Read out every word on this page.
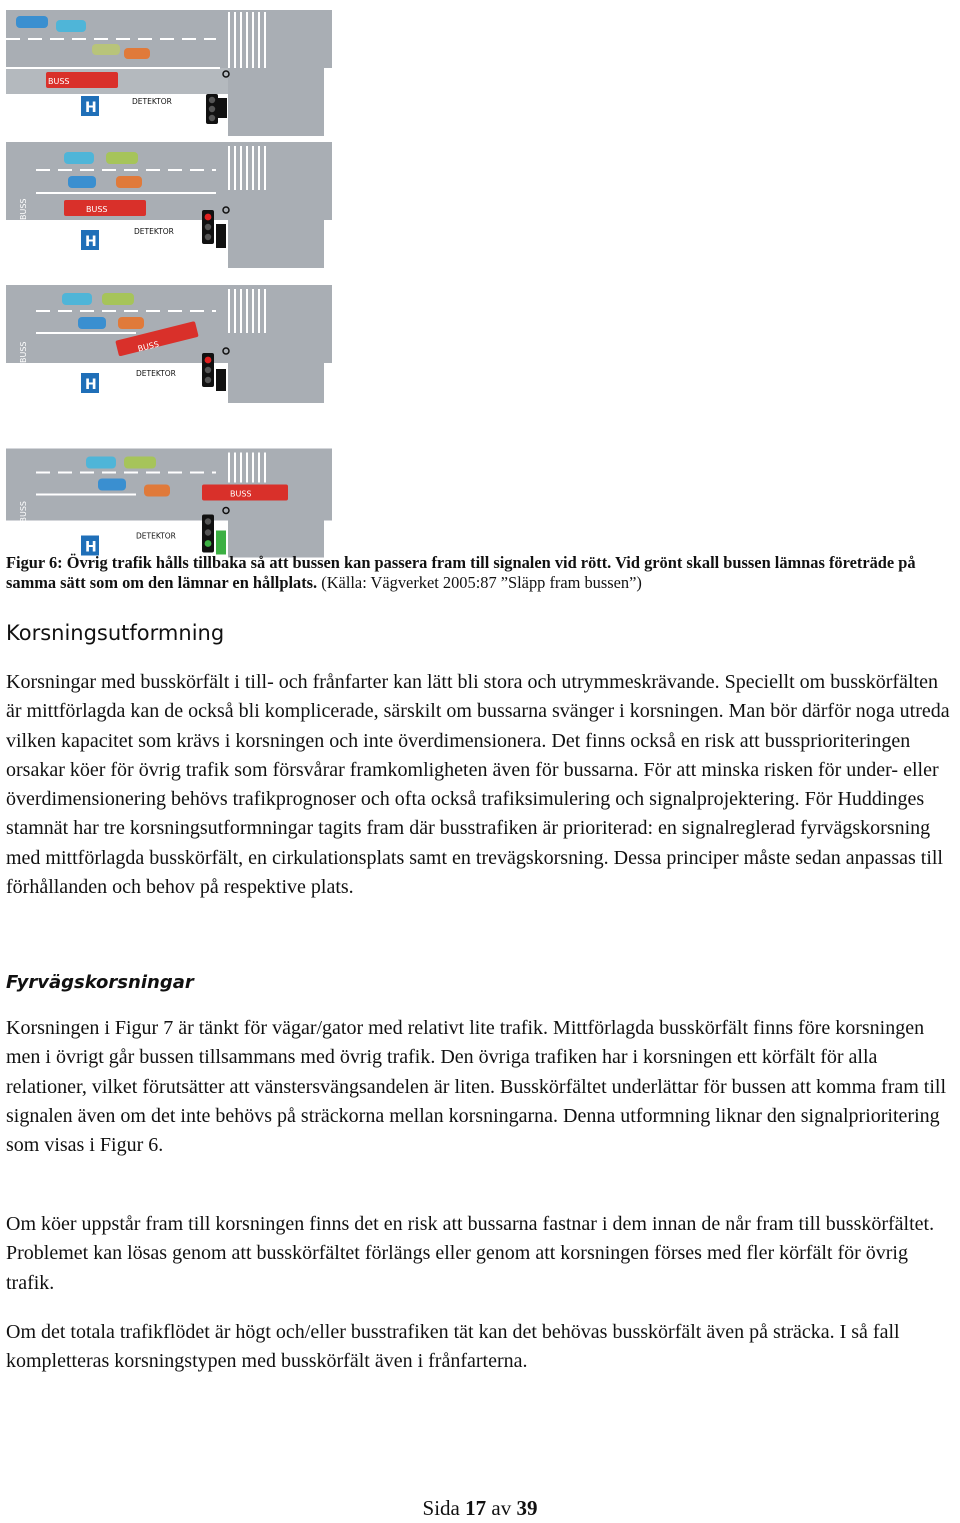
BUSS
H	DETEKTOR
BUSS	BUSS
H
DETEKTOR
BUSS	BUSS
H
DETEKTOR
BUSS
BUSS
H
DETEKTOR
Figur 6: Övrig trafik hålls tillbaka så att bussen kan passera fram till signalen vid rött. Vid grönt skall bussen lämnas företräde på samma sätt som om den lämnar en hållplats. (Källa: Vägverket 2005:87 ”Släpp fram bussen”)
Korsningsutformning

Korsningar med busskörfält i till- och frånfarter kan lätt bli stora och utrymmeskrävande. Speciellt om busskörfälten är mittförlagda kan de också bli komplicerade, särskilt om bussarna svänger i korsningen. Man bör därför noga utreda vilken kapacitet som krävs i korsningen och inte överdimensionera. Det finns också en risk att bussprioriteringen orsakar köer för övrig trafik som försvårar framkomligheten även för bussarna. För att minska risken för under- eller överdimensionering behövs trafikprognoser och ofta också trafiksimulering och signalprojektering. För Huddinges stamnät har tre korsningsutformningar tagits fram där busstrafiken är prioriterad: en signalreglerad fyrvägskorsning med mittförlagda busskörfält, en cirkulationsplats samt en trevägskorsning. Dessa principer måste sedan anpassas till förhållanden och behov på respektive plats.

Fyrvägskorsningar

Korsningen i Figur 7 är tänkt för vägar/gator med relativt lite trafik. Mittförlagda busskörfält finns före korsningen men i övrigt går bussen tillsammans med övrig trafik. Den övriga trafiken har i korsningen ett körfält för alla relationer, vilket förutsätter att vänstersvängsandelen är liten. Busskörfältet underlättar för bussen att komma fram till signalen även om det inte behövs på sträckorna mellan korsningarna. Denna utformning liknar den signalprioritering som visas i Figur 6.

Om köer uppstår fram till korsningen finns det en risk att bussarna fastnar i dem innan de når fram till busskörfältet. Problemet kan lösas genom att busskörfältet förlängs eller genom att korsningen förses med fler körfält för övrig trafik.

Om det totala trafikflödet är högt och/eller busstrafiken tät kan det behövas busskörfält även på sträcka. I så fall kompletteras korsningstypen med busskörfält även i frånfarterna.

Sida 17 av 39
